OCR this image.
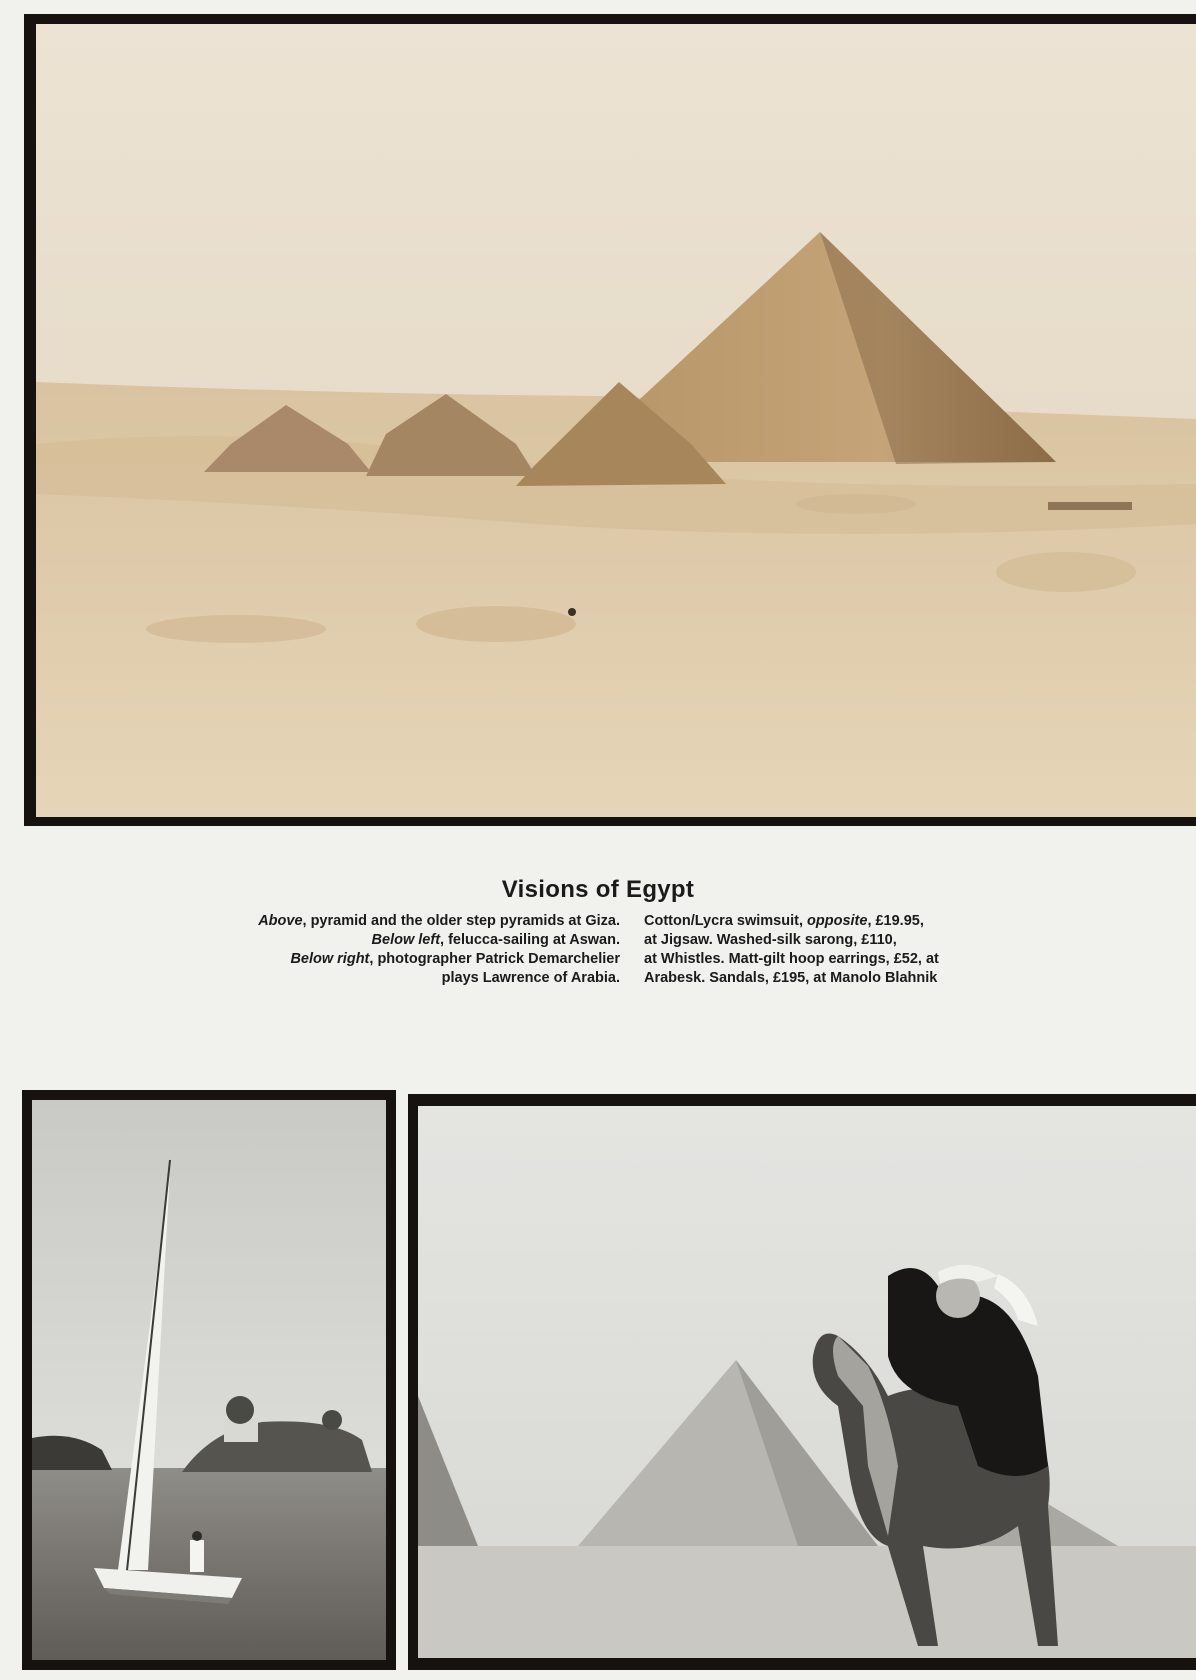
Visions of Egypt
Above, pyramid and the older step pyramids at Giza.
Below left, felucca-sailing at Aswan.
Below right, photographer Patrick Demarchelier
plays Lawrence of Arabia.
Cotton/Lycra swimsuit, opposite, £19.95,
at Jigsaw. Washed-silk sarong, £110,
at Whistles. Matt-gilt hoop earrings, £52, at
Arabesk. Sandals, £195, at Manolo Blahnik
